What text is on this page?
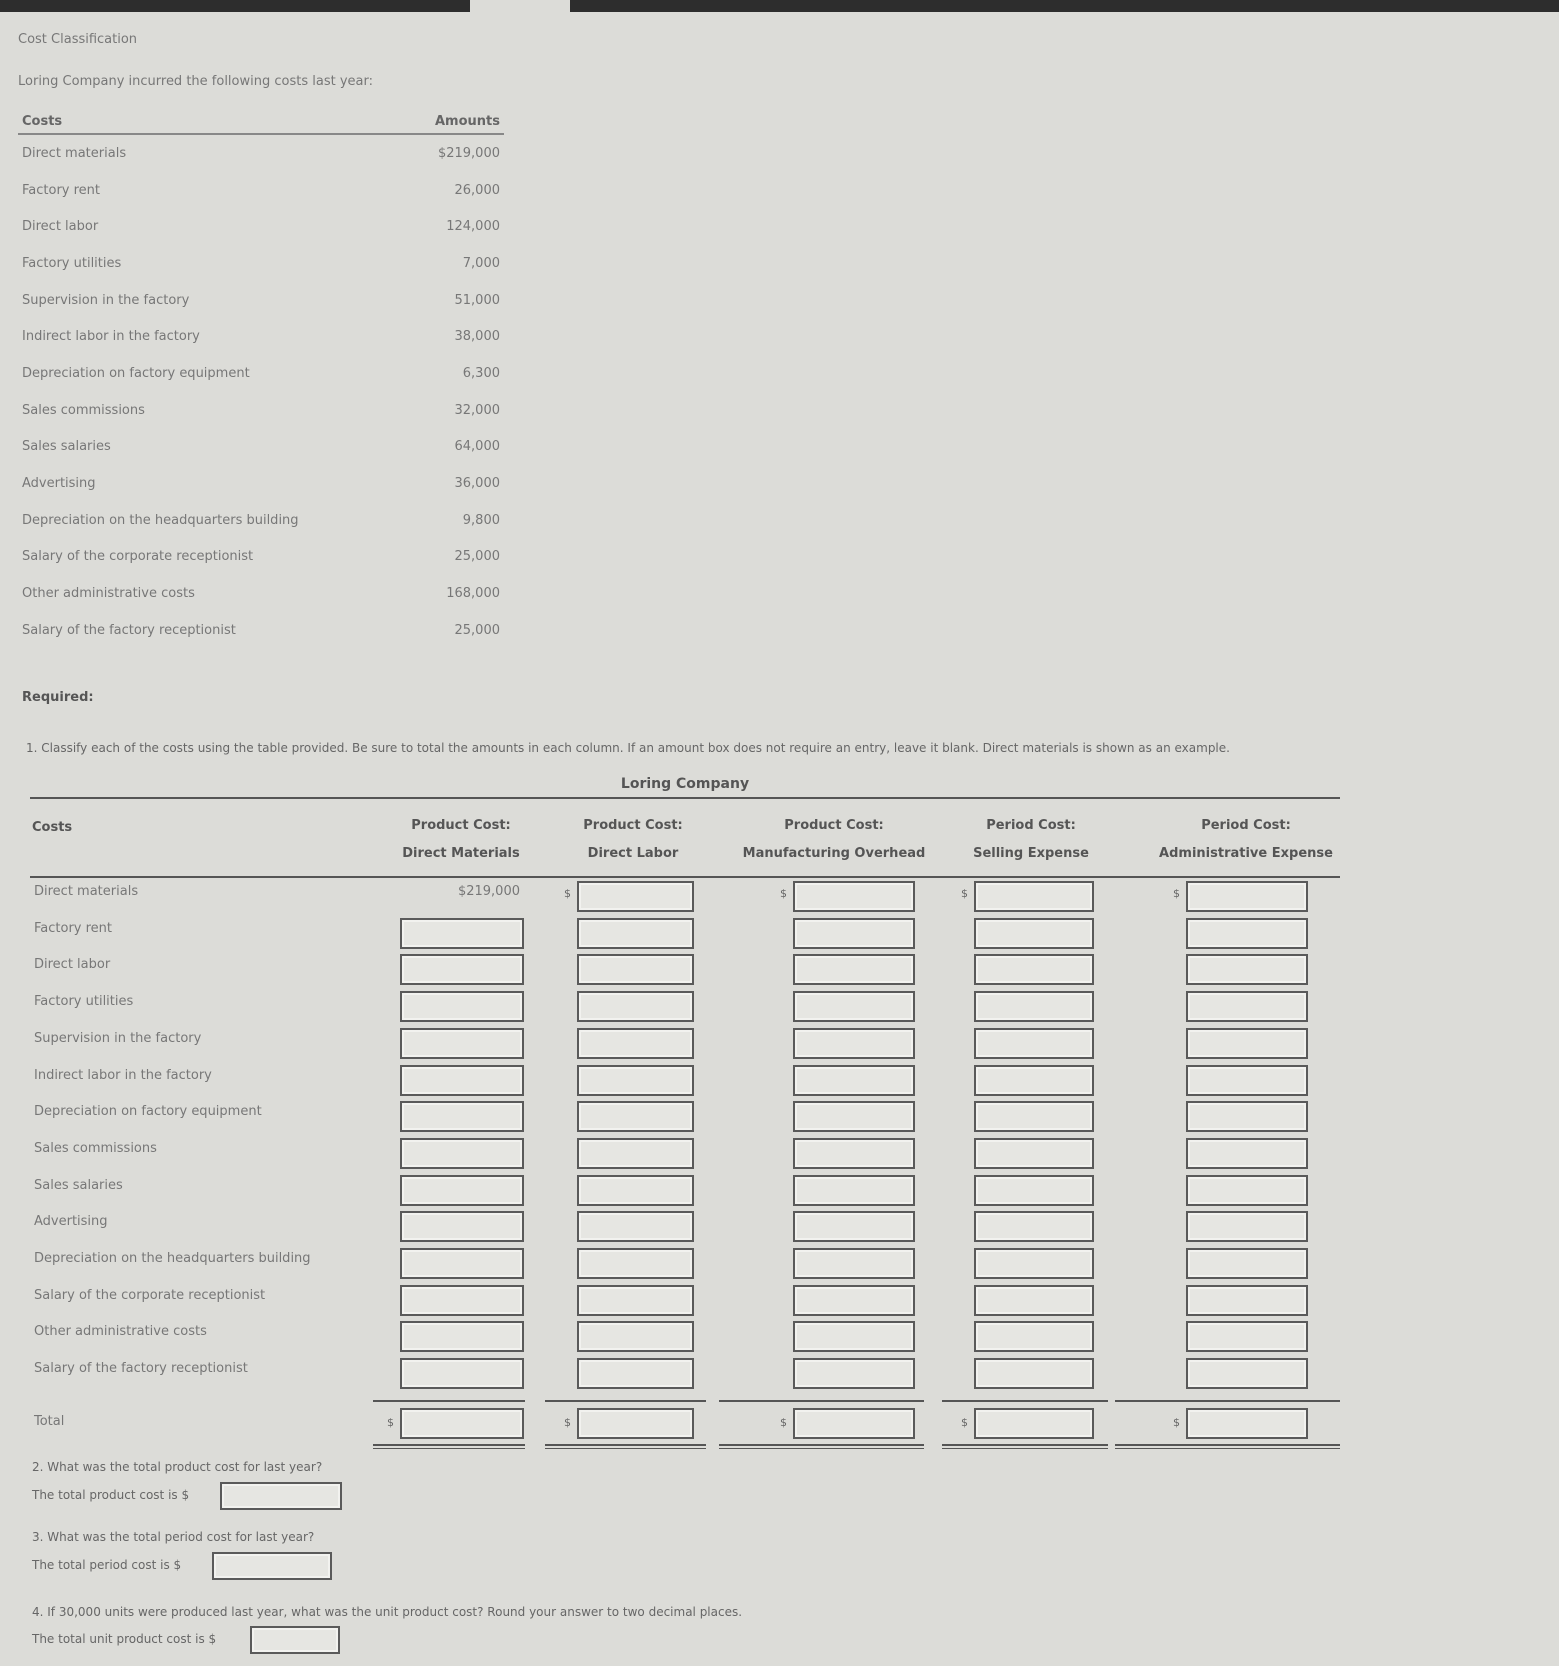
Cost Classification
Loring Company incurred the following costs last year:
Costs	Amounts
Direct materials	$219,000
Factory rent	26,000
Direct labor	124,000
Factory utilities	7,000
Supervision in the factory	51,000
Indirect labor in the factory	38,000
Depreciation on factory equipment	6,300
Sales commissions	32,000
Sales salaries	64,000
Advertising	36,000
Depreciation on the headquarters building	9,800
Salary of the corporate receptionist	25,000
Other administrative costs	168,000
Salary of the factory receptionist	25,000
Required:
1. Classify each of the costs using the table provided. Be sure to total the amounts in each column. If an amount box does not require an entry, leave it blank. Direct materials is shown as an example.
Loring Company
Costs	Product Cost:
Direct Materials
Product Cost:
Direct Labor
Product Cost:
Manufacturing Overhead
Period Cost:
Selling Expense
Period Cost:
Administrative Expense
Direct materials	$219,000	$	$	$	$
Factory rent
Direct labor
Factory utilities
Supervision in the factory
Indirect labor in the factory
Depreciation on factory equipment
Sales commissions
Sales salaries
Advertising
Depreciation on the headquarters building
Salary of the corporate receptionist
Other administrative costs
Salary of the factory receptionist
Total	$	$	$	$	$
2. What was the total product cost for last year?
The total product cost is $
3. What was the total period cost for last year?
The total period cost is $
4. If 30,000 units were produced last year, what was the unit product cost? Round your answer to two decimal places.
The total unit product cost is $
